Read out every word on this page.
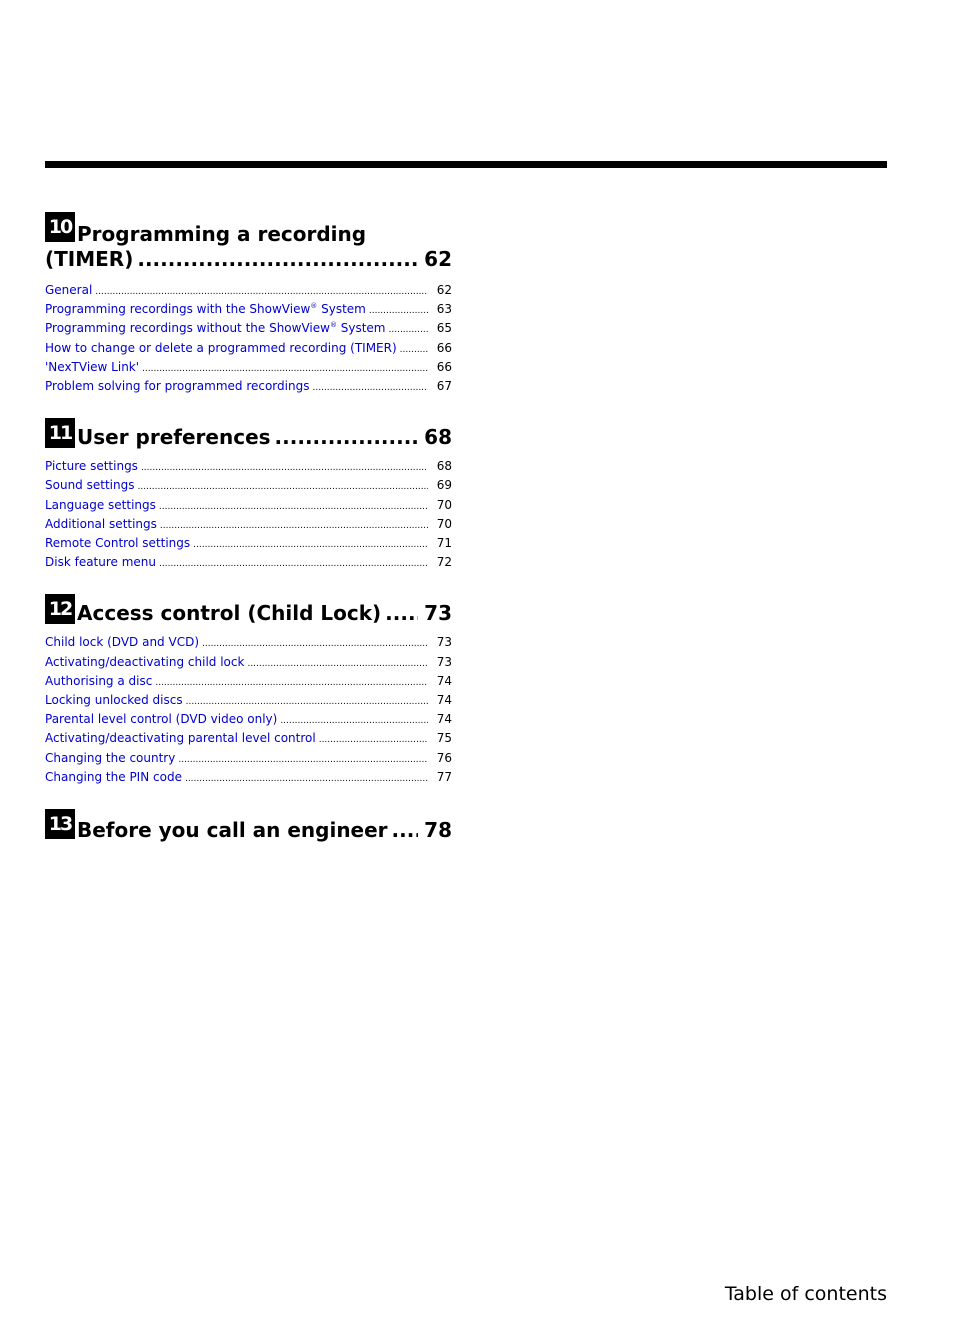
10 Programming a recording
(TIMER) .....	62
General .....	62
Programming recordings with the ShowView® System .....	63
Programming recordings without the ShowView® System .....	65
How to change or delete a programmed recording (TIMER) .....	66
'NexTView Link' .....	66
Problem solving for programmed recordings .....	67
11 User preferences .....	68
Picture settings .....	68
Sound settings .....	69
Language settings .....	70
Additional settings .....	70
Remote Control settings .....	71
Disk feature menu .....	72
12 Access control (Child Lock) ..... 73
Child lock (DVD and VCD) .....	73
Activating/deactivating child lock .....	73
Authorising a disc .....	74
Locking unlocked discs .....	74
Parental level control (DVD video only) .....	74
Activating/deactivating parental level control .....	75
Changing the country .....	76
Changing the PIN code .....	77
13 Before you call an engineer ..... 78
Table of contents
